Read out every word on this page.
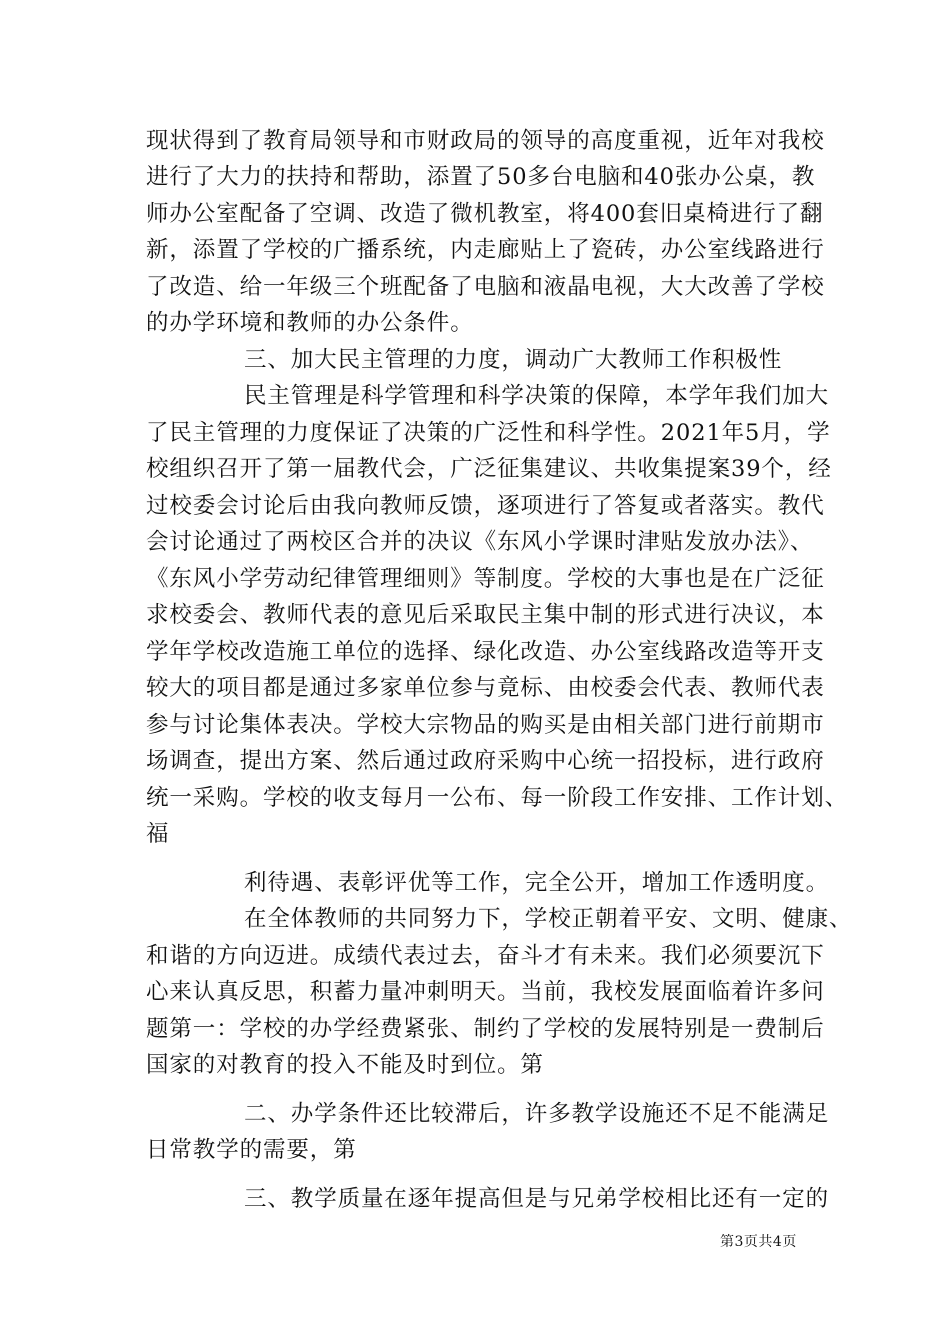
现状得到了教育局领导和市财政局的领导的高度重视，近年对我校
进行了大力的扶持和帮助，添置了50多台电脑和40张办公桌，教
师办公室配备了空调、改造了微机教室，将400套旧桌椅进行了翻
新，添置了学校的广播系统，内走廊贴上了瓷砖，办公室线路进行
了改造、给一年级三个班配备了电脑和液晶电视，大大改善了学校
的办学环境和教师的办公条件。
三、加大民主管理的力度，调动广大教师工作积极性
民主管理是科学管理和科学决策的保障，本学年我们加大
了民主管理的力度保证了决策的广泛性和科学性。2021年5月，学
校组织召开了第一届教代会，广泛征集建议、共收集提案39个，经
过校委会讨论后由我向教师反馈，逐项进行了答复或者落实。教代
会讨论通过了两校区合并的决议《东风小学课时津贴发放办法》、
《东风小学劳动纪律管理细则》等制度。学校的大事也是在广泛征
求校委会、教师代表的意见后采取民主集中制的形式进行决议，本
学年学校改造施工单位的选择、绿化改造、办公室线路改造等开支
较大的项目都是通过多家单位参与竟标、由校委会代表、教师代表
参与讨论集体表决。学校大宗物品的购买是由相关部门进行前期市
场调查，提出方案、然后通过政府采购中心统一招投标，进行政府
统一采购。学校的收支每月一公布、每一阶段工作安排、工作计划、
福
利待遇、表彰评优等工作，完全公开，增加工作透明度。
在全体教师的共同努力下，学校正朝着平安、文明、健康、
和谐的方向迈进。成绩代表过去，奋斗才有未来。我们必须要沉下
心来认真反思，积蓄力量冲刺明天。当前，我校发展面临着许多问
题第一：学校的办学经费紧张、制约了学校的发展特别是一费制后
国家的对教育的投入不能及时到位。第
二、办学条件还比较滞后，许多教学设施还不足不能满足
日常教学的需要，第
三、教学质量在逐年提高但是与兄弟学校相比还有一定的
第3页共4页
